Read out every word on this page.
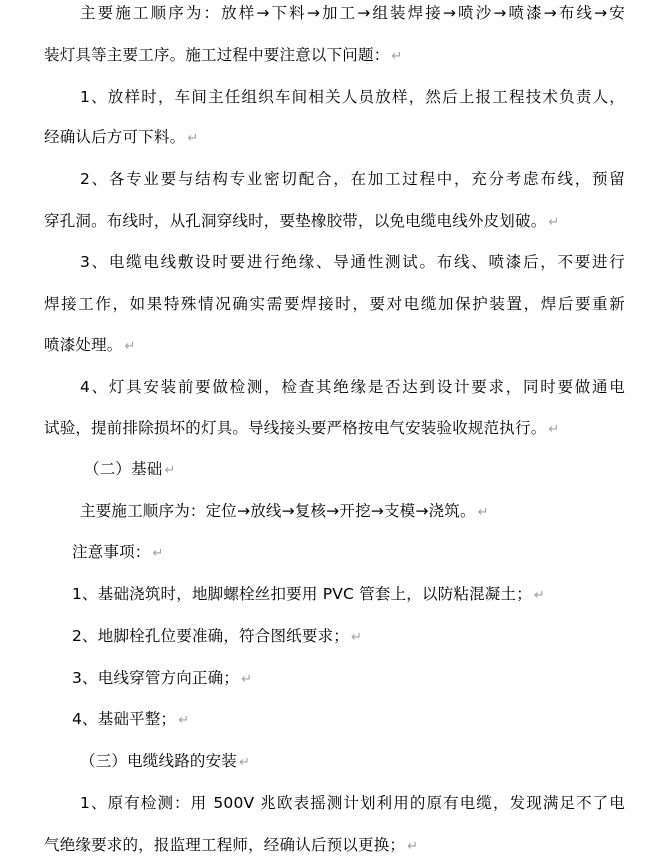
主要施工顺序为：放样→下料→加工→组装焊接→喷沙→喷漆→布线→安
装灯具等主要工序。施工过程中要注意以下问题： ↵
1、放样时，车间主任组织车间相关人员放样，然后上报工程技术负责人，
经确认后方可下料。 ↵
2、各专业要与结构专业密切配合，在加工过程中，充分考虑布线，预留
穿孔洞。布线时，从孔洞穿线时，要垫橡胶带，以免电缆电线外皮划破。 ↵
3、电缆电线敷设时要进行绝缘、导通性测试。布线、喷漆后，不要进行
焊接工作，如果特殊情况确实需要焊接时，要对电缆加保护装置，焊后要重新
喷漆处理。 ↵
4、灯具安装前要做检测，检查其绝缘是否达到设计要求，同时要做通电
试验，提前排除损坏的灯具。导线接头要严格按电气安装验收规范执行。 ↵
（二）基础 ↵
主要施工顺序为：定位→放线→复核→开挖→支模→浇筑。 ↵
注意事项： ↵
1、基础浇筑时，地脚螺栓丝扣要用 PVC 管套上，以防粘混凝土； ↵
2、地脚栓孔位要准确，符合图纸要求； ↵
3、电线穿管方向正确； ↵
4、基础平整； ↵
（三）电缆线路的安装 ↵
1、原有检测：用 500V 兆欧表摇测计划利用的原有电缆，发现满足不了电
气绝缘要求的，报监理工程师，经确认后预以更换； ↵
